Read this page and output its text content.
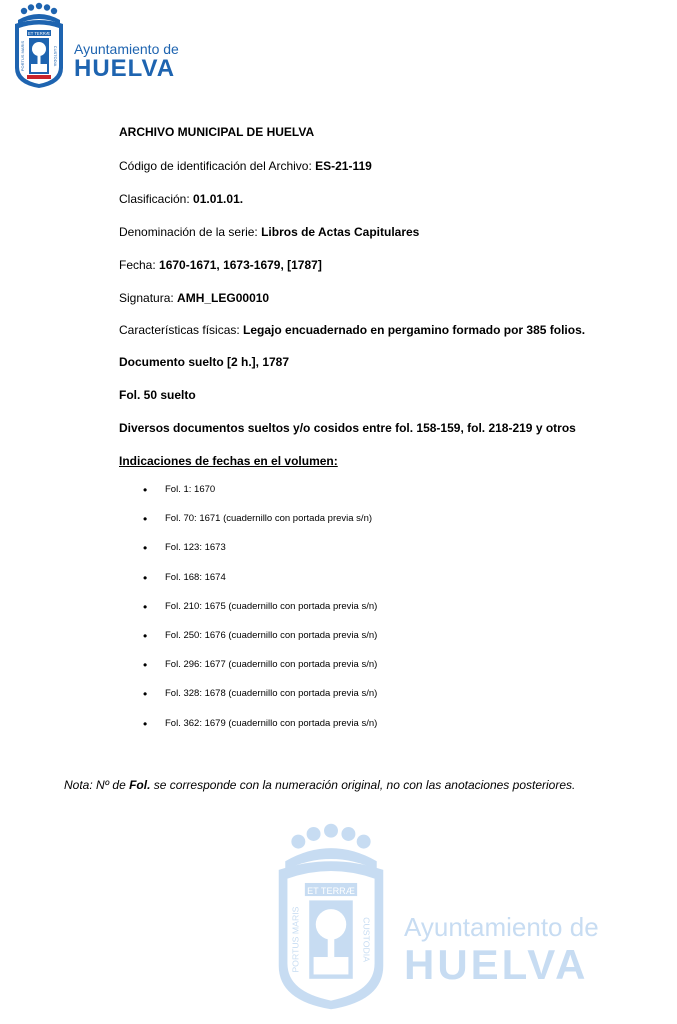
ET TERRÆ
PORTUS MARIS	CUSTODIA Ayuntamiento de
HUELVA
ARCHIVO MUNICIPAL DE HUELVA
Código de identificación del Archivo: ES-21-119
Clasificación: 01.01.01.
Denominación de la serie: Libros de Actas Capitulares
Fecha: 1670-1671, 1673-1679, [1787]
Signatura: AMH_LEG00010
Características físicas: Legajo encuadernado en pergamino formado por 385 folios.
Documento suelto [2 h.], 1787
Fol. 50 suelto
Diversos documentos sueltos y/o cosidos entre fol. 158-159, fol. 218-219 y otros
Indicaciones de fechas en el volumen:
• Fol. 1: 1670
• Fol. 70: 1671 (cuadernillo con portada previa s/n)
• Fol. 123: 1673
• Fol. 168: 1674
• Fol. 210: 1675 (cuadernillo con portada previa s/n)
• Fol. 250: 1676 (cuadernillo con portada previa s/n)
• Fol. 296: 1677 (cuadernillo con portada previa s/n)
• Fol. 328: 1678 (cuadernillo con portada previa s/n)
• Fol. 362: 1679 (cuadernillo con portada previa s/n)
Nota: Nº de Fol. se corresponde con la numeración original, no con las anotaciones posteriores.
ET TERRÆ
PORTUS MARIS	CUSTODIA Ayuntamiento de
HUELVA
